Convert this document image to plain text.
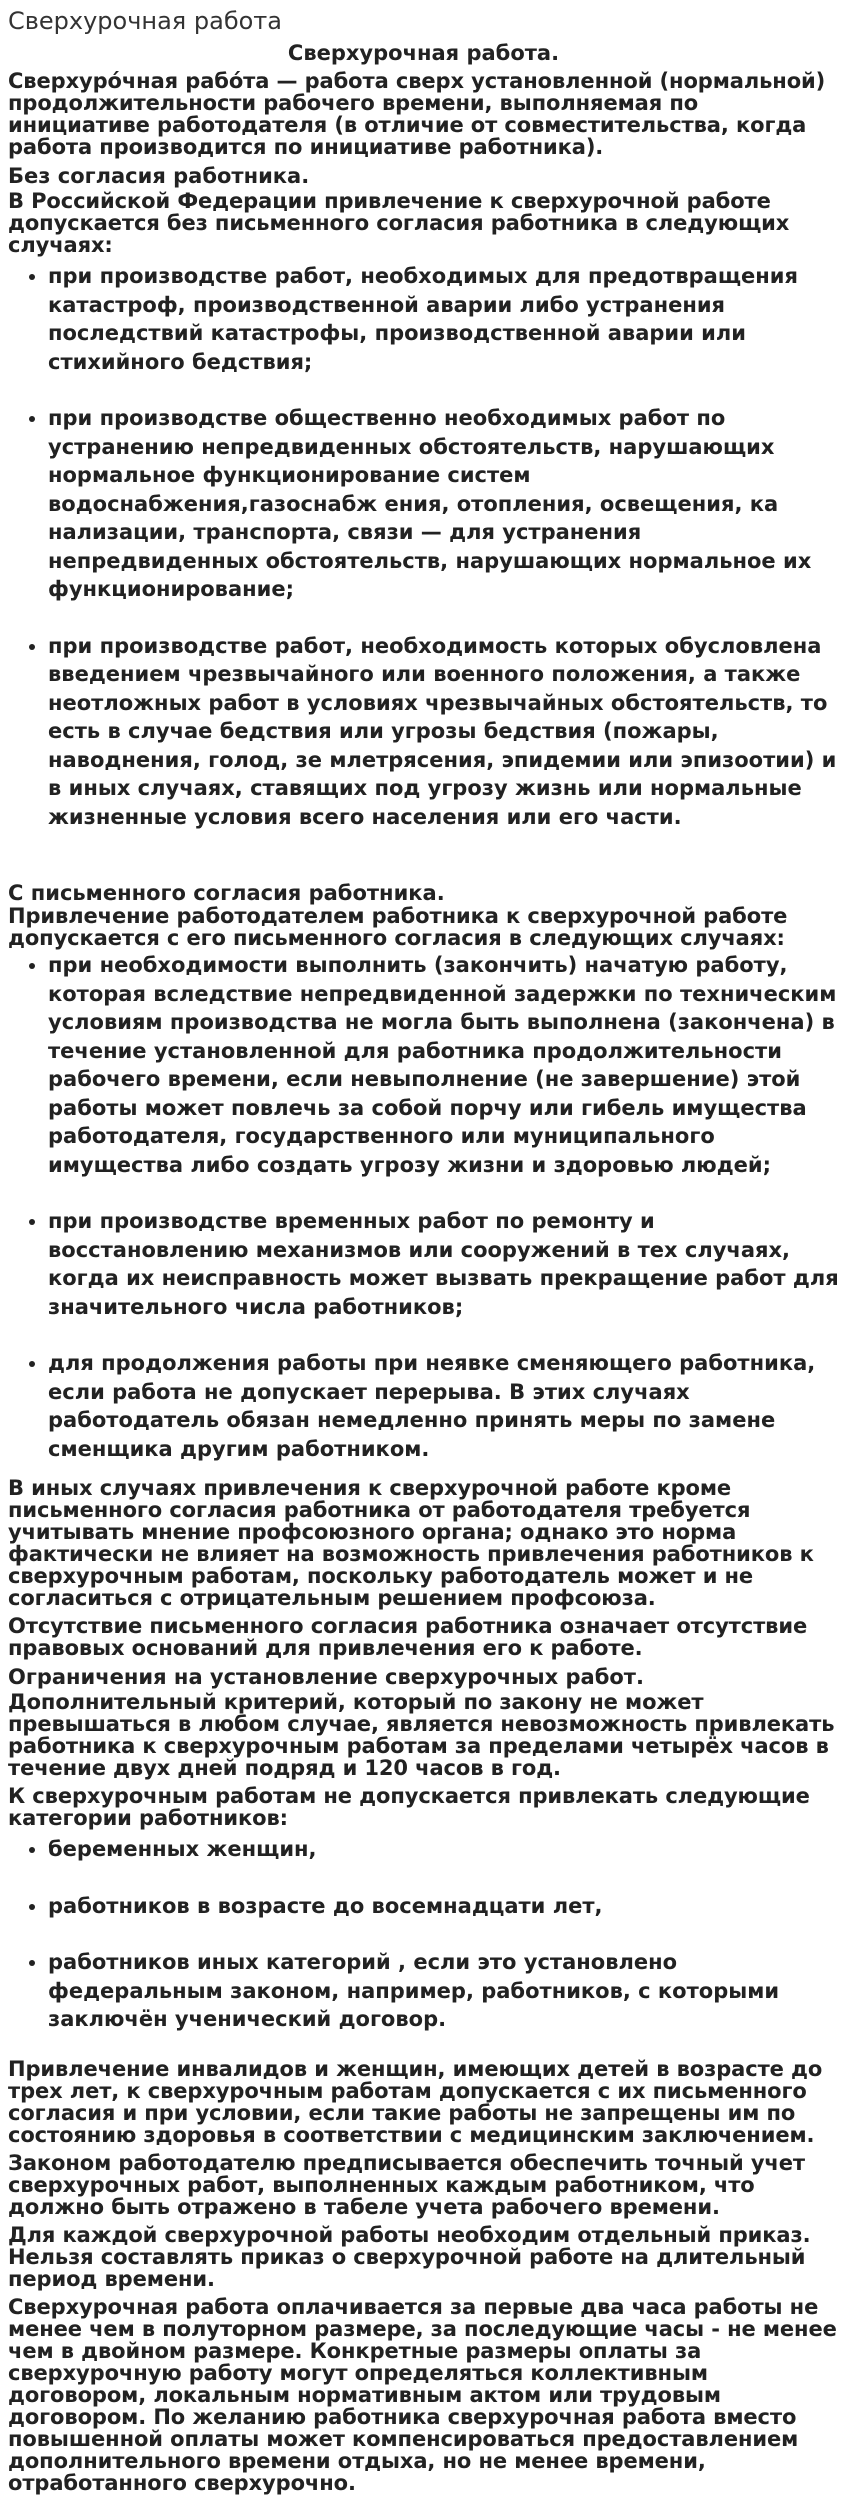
Сверхурочная работа
Сверхурочная работа.
Сверхуро́чная рабо́та — работа сверх установленной (нормальной) продолжительности рабочего времени, выполняемая по инициативе работодателя (в отличие от совместительства, когда работа производится по инициативе работника).
Без согласия работника.
В Российской Федерации привлечение к сверхурочной работе допускается без письменного согласия работника в следующих случаях:
• при производстве работ, необходимых для предотвращения катастроф, производственной аварии либо устранения последствий катастрофы, производственной аварии или стихийного бедствия;
• при производстве общественно необходимых работ по устранению непредвиденных обстоятельств, нарушающих нормальное функционирование систем водоснабжения,газоснабж ения, отопления, освещения, ка нализации, транспорта, связи — для устранения непредвиденных обстоятельств, нарушающих нормальное их функционирование;
• при производстве работ, необходимость которых обусловлена введением чрезвычайного или военного положения, а также неотложных работ в условиях чрезвычайных обстоятельств, то есть в случае бедствия или угрозы бедствия (пожары, наводнения, голод, зе млетрясения, эпидемии или эпизоотии) и в иных случаях, ставящих под угрозу жизнь или нормальные жизненные условия всего населения или его части.
С письменного согласия работника.
Привлечение работодателем работника к сверхурочной работе допускается с его письменного согласия в следующих случаях:
• при необходимости выполнить (закончить) начатую работу, которая вследствие непредвиденной задержки по техническим условиям производства не могла быть выполнена (закончена) в течение установленной для работника продолжительности рабочего времени, если невыполнение (не завершение) этой работы может повлечь за собой порчу или гибель имущества работодателя, государственного или муниципального имущества либо создать угрозу жизни и здоровью людей;
• при производстве временных работ по ремонту и восстановлению механизмов или сооружений в тех случаях, когда их неисправность может вызвать прекращение работ для значительного числа работников;
• для продолжения работы при неявке сменяющего работника, если работа не допускает перерыва. В этих случаях работодатель обязан немедленно принять меры по замене сменщика другим работником.
В иных случаях привлечения к сверхурочной работе кроме письменного согласия работника от работодателя требуется учитывать мнение профсоюзного органа; однако это норма фактически не влияет на возможность привлечения работников к сверхурочным работам, поскольку работодатель может и не согласиться с отрицательным решением профсоюза.
Отсутствие письменного согласия работника означает отсутствие правовых оснований для привлечения его к работе.
Ограничения на установление сверхурочных работ.
Дополнительный критерий, который по закону не может превышаться в любом случае, является невозможность привлекать работника к сверхурочным работам за пределами четырёх часов в течение двух дней подряд и 120 часов в год.
К сверхурочным работам не допускается привлекать следующие категории работников:
• беременных женщин,
• работников в возрасте до восемнадцати лет,
• работников иных категорий , если это установлено федеральным законом, например, работников, с которыми заключён ученический договор.
Привлечение инвалидов и женщин, имеющих детей в возрасте до трех лет, к сверхурочным работам допускается с их письменного согласия и при условии, если такие работы не запрещены им по состоянию здоровья в соответствии с медицинским заключением.
Законом работодателю предписывается обеспечить точный учет сверхурочных работ, выполненных каждым работником, что должно быть отражено в табеле учета рабочего времени.
Для каждой сверхурочной работы необходим отдельный приказ. Нельзя составлять приказ о сверхурочной работе на длительный период времени.
Сверхурочная работа оплачивается за первые два часа работы не менее чем в полуторном размере, за последующие часы - не менее чем в двойном размере. Конкретные размеры оплаты за сверхурочную работу могут определяться коллективным договором, локальным нормативным актом или трудовым договором. По желанию работника сверхурочная работа вместо повышенной оплаты может компенсироваться предоставлением дополнительного времени отдыха, но не менее времени, отработанного сверхурочно.
